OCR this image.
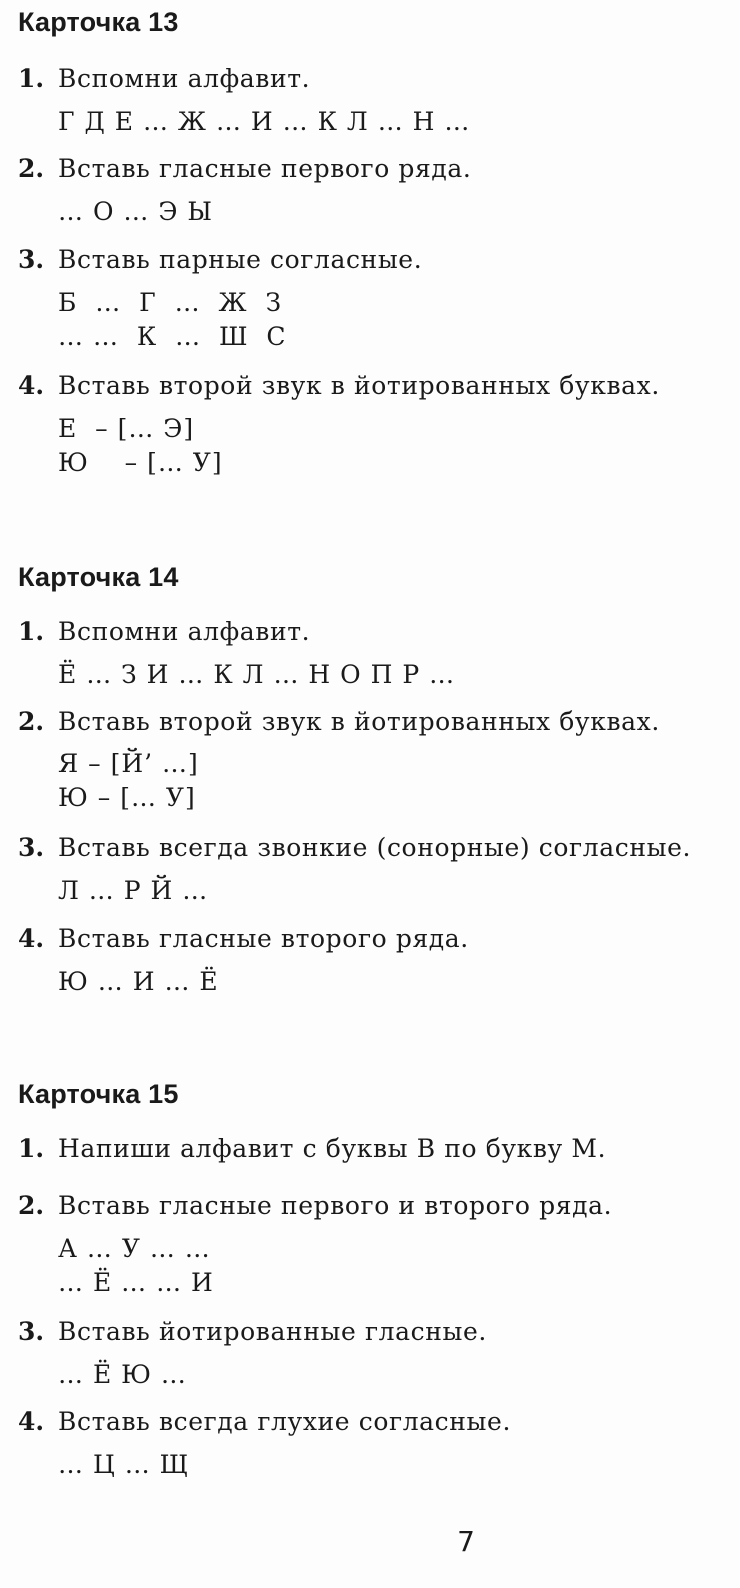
Карточка 13
1. Вспомни алфавит.
Г Д Е … Ж … И … К Л … Н …
2. Вставь гласные первого ряда.
… О … Э Ы
3. Вставь парные согласные.
Б  …  Г  …  Ж  З
… …  К  …  Ш  С
4. Вставь второй звук в йотированных буквах.
Е  – [… Э]
Ю    – [… У]
Карточка 14
1. Вспомни алфавит.
Ё … З И … К Л … Н О П Р …
2. Вставь второй звук в йотированных буквах.
Я – [Й’ …]
Ю – [… У]
3. Вставь всегда звонкие (сонорные) согласные.
Л … Р Й …
4. Вставь гласные второго ряда.
Ю … И … Ё
Карточка 15
1. Напиши алфавит с буквы В по букву М.
2. Вставь гласные первого и второго ряда.
А … У … …
… Ё … … И
3. Вставь йотированные гласные.
… Ё Ю …
4. Вставь всегда глухие согласные.
… Ц … Щ
7
